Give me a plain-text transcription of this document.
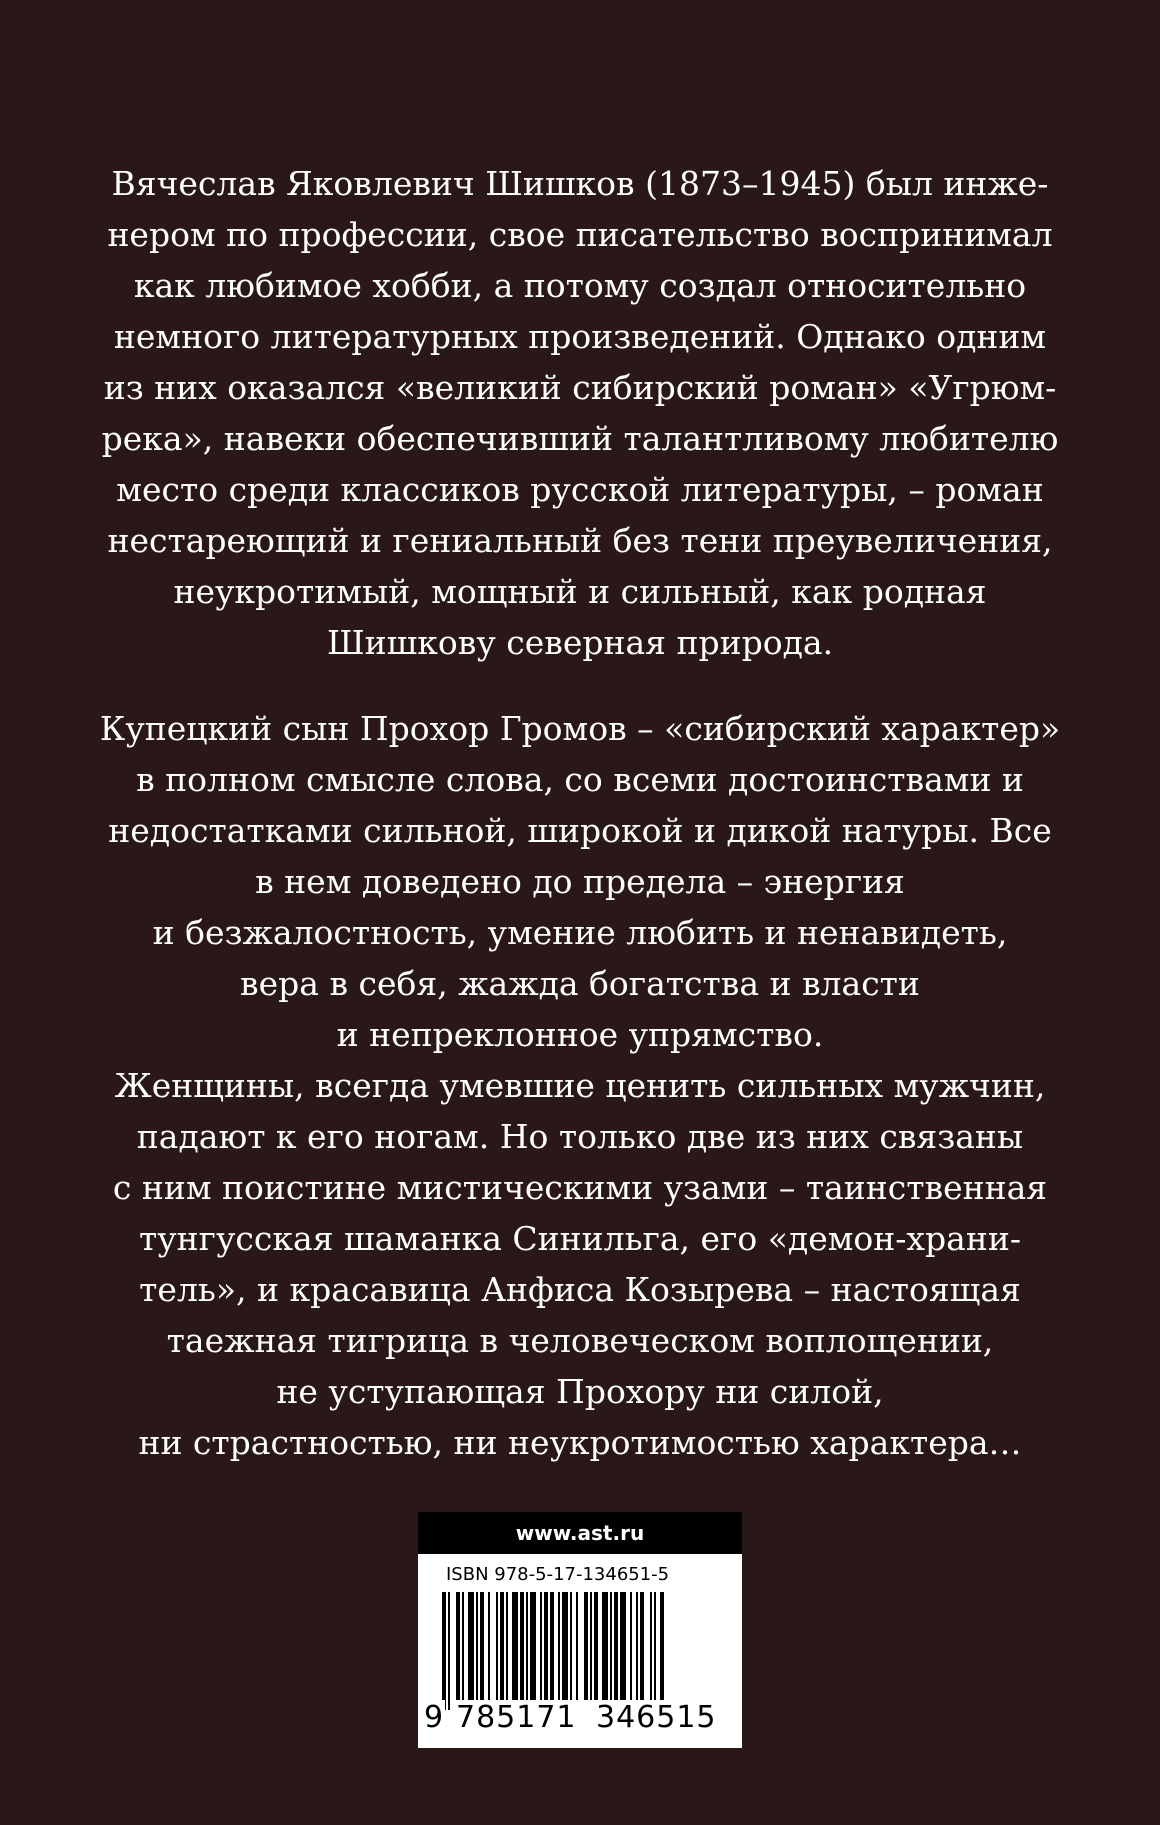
Вячеслав Яковлевич Шишков (1873–1945) был инже-
нером по профессии, свое писательство воспринимал
как любимое хобби, а потому создал относительно
немного литературных произведений. Однако одним
из них оказался «великий сибирский роман» «Угрюм-
река», навеки обеспечивший талантливому любителю
место среди классиков русской литературы, – роман
нестареющий и гениальный без тени преувеличения,
неукротимый, мощный и сильный, как родная
Шишкову северная природа.
Купецкий сын Прохор Громов – «сибирский характер»
в полном смысле слова, со всеми достоинствами и
недостатками сильной, широкой и дикой натуры. Все
в нем доведено до предела – энергия
и безжалостность, умение любить и ненавидеть,
вера в себя, жажда богатства и власти
и непреклонное упрямство.
Женщины, всегда умевшие ценить сильных мужчин,
падают к его ногам. Но только две из них связаны
с ним поистине мистическими узами – таинственная
тунгусская шаманка Синильга, его «демон-храни-
тель», и красавица Анфиса Козырева – настоящая
таежная тигрица в человеческом воплощении,
не уступающая Прохору ни силой,
ни страстностью, ни неукротимостью характера…
www.ast.ru
ISBN 978-5-17-134651-5
9 785171 346515
